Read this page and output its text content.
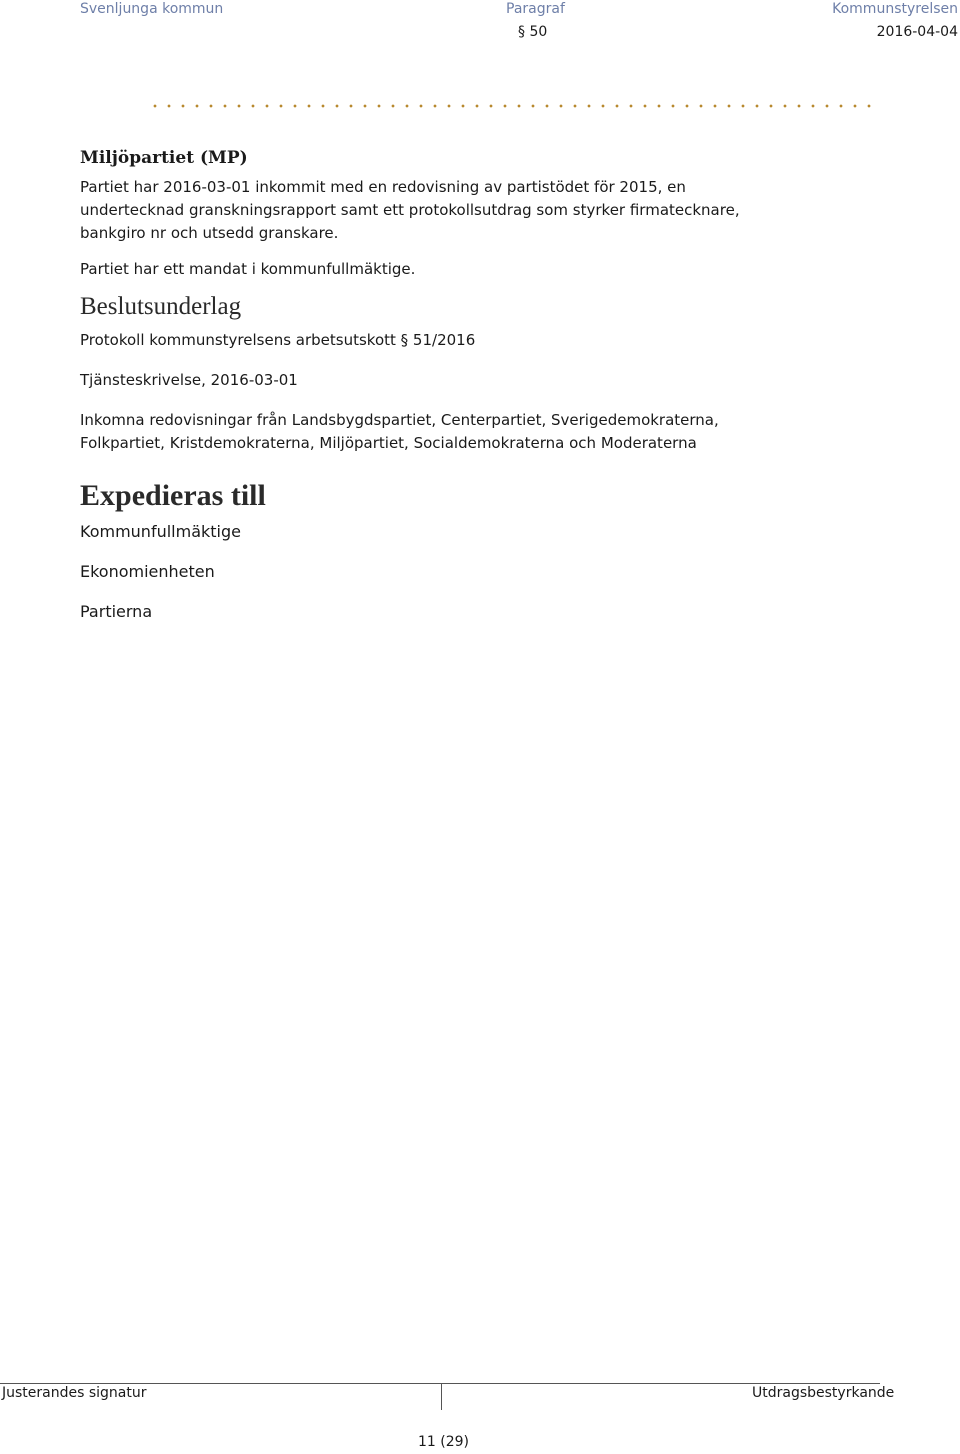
Svenljunga kommun	Paragraf	Kommunstyrelsen
§ 50	2016-04-04
Miljöpartiet (MP)

Partiet har 2016-03-01 inkommit med en redovisning av partistödet för 2015, en
undertecknad granskningsrapport samt ett protokollsutdrag som styrker firmatecknare,
bankgiro nr och utsedd granskare.

Partiet har ett mandat i kommunfullmäktige.

Beslutsunderlag

Protokoll kommunstyrelsens arbetsutskott § 51/2016

Tjänsteskrivelse, 2016-03-01

Inkomna redovisningar från Landsbygdspartiet, Centerpartiet, Sverigedemokraterna,
Folkpartiet, Kristdemokraterna, Miljöpartiet, Socialdemokraterna och Moderaterna

Expedieras till

Kommunfullmäktige

Ekonomienheten

Partierna

Justerandes signatur	Utdragsbestyrkande
11 (29)
